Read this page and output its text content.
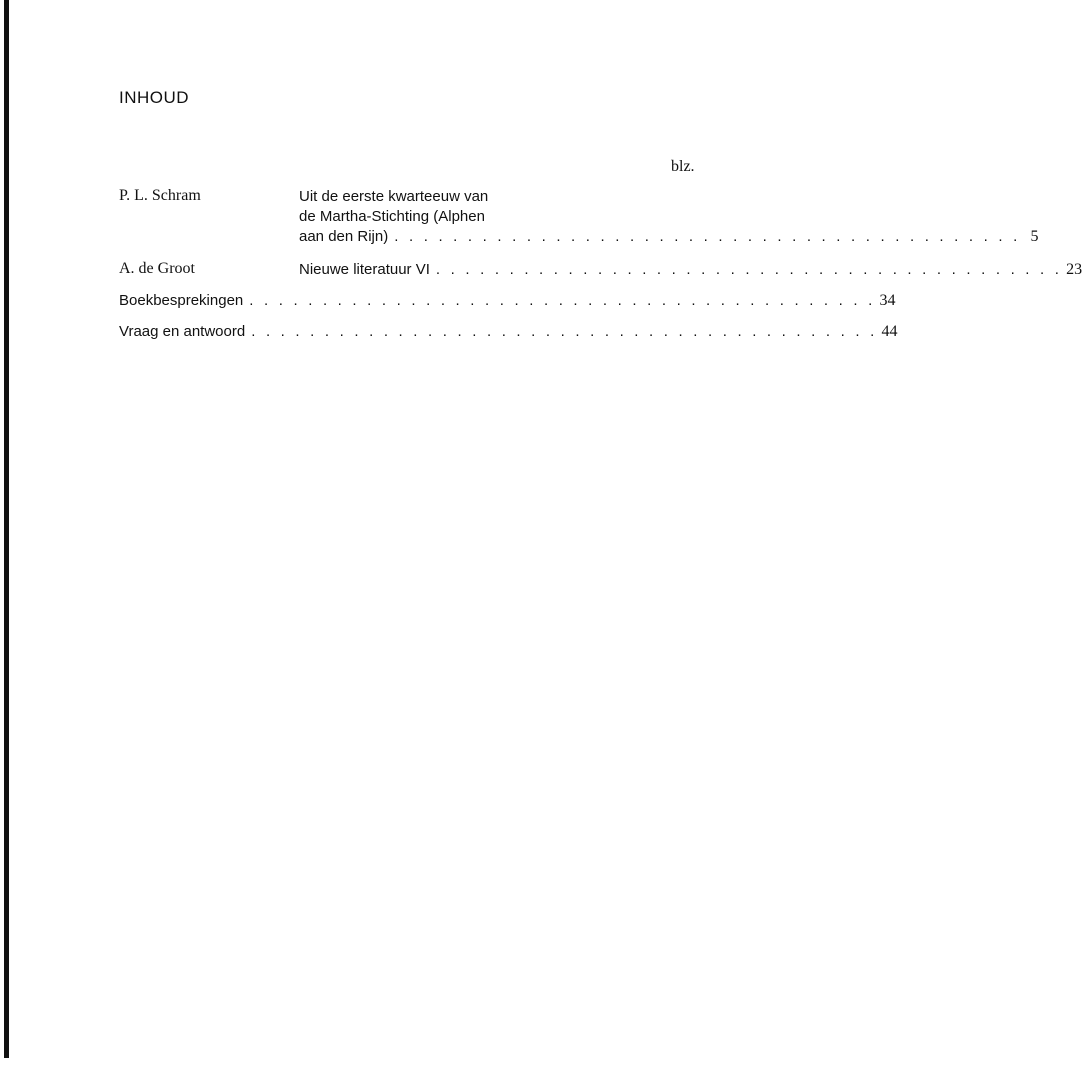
INHOUD
blz.
P. L. Schram	Uit de eerste kwarteeuw van
de Martha-Stichting (Alphen
aan den Rijn) . . . . . . . . . . . . . . . . . . . . . . . . . . . . . . . . . . . . . . . . . . . 5
A. de Groot	Nieuwe literatuur VI . . . . . . . . . . . . . . . . . . . . . . . . . . . . . . . . . . . . . . . . . . . 23
Boekbesprekingen . . . . . . . . . . . . . . . . . . . . . . . . . . . . . . . . . . . . . . . . . . . 34
Vraag en antwoord . . . . . . . . . . . . . . . . . . . . . . . . . . . . . . . . . . . . . . . . . . . 44
